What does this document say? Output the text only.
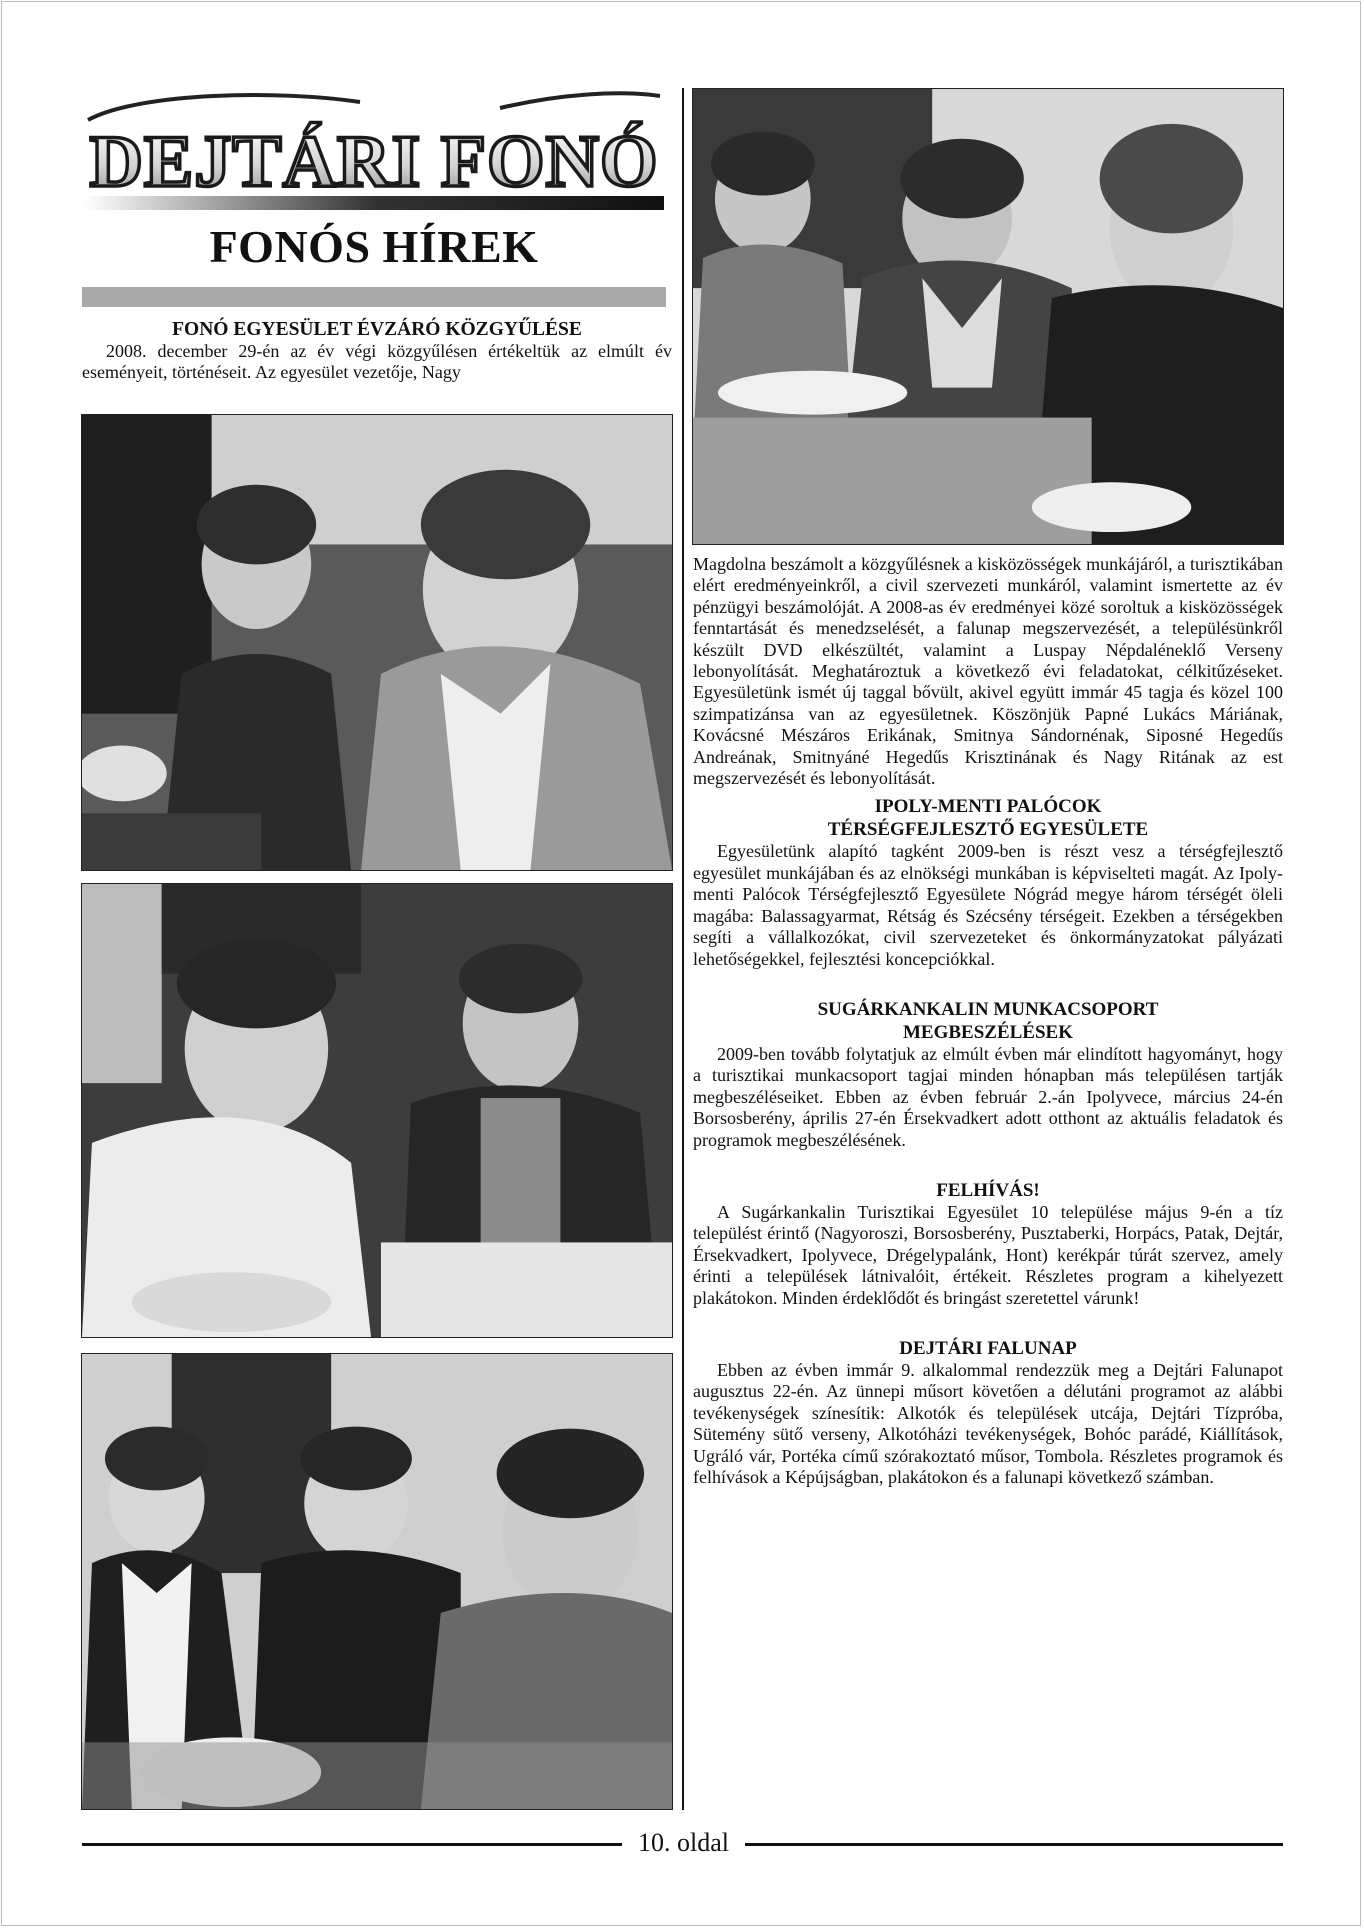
DEJTÁRI FONÓ
FONÓS HÍREK
FONÓ EGYESÜLET ÉVZÁRÓ KÖZGYŰLÉSE

2008. december 29-én az év végi közgyűlésen értékeltük az elmúlt év eseményeit, történéseit. Az egyesület vezetője, Nagy

Magdolna beszámolt a közgyűlésnek a kisközösségek munkájáról, a turisztikában elért eredményeinkről, a civil szervezeti munkáról, valamint ismertette az év pénzügyi beszámolóját. A 2008-as év eredményei közé soroltuk a kisközösségek fenntartását és menedzselését, a falunap megszervezését, a településünkről készült DVD elkészültét, valamint a Luspay Népdaléneklő Verseny lebonyolítását. Meghatároztuk a következő évi feladatokat, célkitűzéseket. Egyesületünk ismét új taggal bővült, akivel együtt immár 45 tagja és közel 100 szimpatizánsa van az egyesületnek. Köszönjük Papné Lukács Máriának, Kovácsné Mészáros Erikának, Smitnya Sándornénak, Siposné Hegedűs Andreának, Smitnyáné Hegedűs Krisztinának és Nagy Ritának az est megszervezését és lebonyolítását.

IPOLY-MENTI PALÓCOK
TÉRSÉGFEJLESZTŐ EGYESÜLETE

Egyesületünk alapító tagként 2009-ben is részt vesz a térségfejlesztő egyesület munkájában és az elnökségi munkában is képviselteti magát. Az Ipoly-menti Palócok Térségfejlesztő Egyesülete Nógrád megye három térségét öleli magába: Balassagyarmat, Rétság és Szécsény térségeit. Ezekben a térségekben segíti a vállalkozókat, civil szervezeteket és önkormányzatokat pályázati lehetőségekkel, fejlesztési koncepciókkal.

SUGÁRKANKALIN MUNKACSOPORT
MEGBESZÉLÉSEK

2009-ben tovább folytatjuk az elmúlt évben már elindított hagyományt, hogy a turisztikai munkacsoport tagjai minden hónapban más településen tartják megbeszéléseiket. Ebben az évben február 2.-án Ipolyvece, március 24-én Borsosberény, április 27-én Érsekvadkert adott otthont az aktuális feladatok és programok megbeszélésének.

FELHÍVÁS!

A Sugárkankalin Turisztikai Egyesület 10 települése május 9-én a tíz települést érintő (Nagyoroszi, Borsosberény, Pusztaberki, Horpács, Patak, Dejtár, Érsekvadkert, Ipolyvece, Drégelypalánk, Hont) kerékpár túrát szervez, amely érinti a települések látnivalóit, értékeit. Részletes program a kihelyezett plakátokon. Minden érdeklődőt és bringást szeretettel várunk!

DEJTÁRI FALUNAP

Ebben az évben immár 9. alkalommal rendezzük meg a Dejtári Falunapot augusztus 22-én. Az ünnepi műsort követően a délutáni programot az alábbi tevékenységek színesítik: Alkotók és települések utcája, Dejtári Tízpróba, Sütemény sütő verseny, Alkotóházi tevékenységek, Bohóc parádé, Kiállítások, Ugráló vár, Portéka című szórakoztató műsor, Tombola. Részletes programok és felhívások a Képújságban, plakátokon és a falunapi következő számban.

10. oldal
